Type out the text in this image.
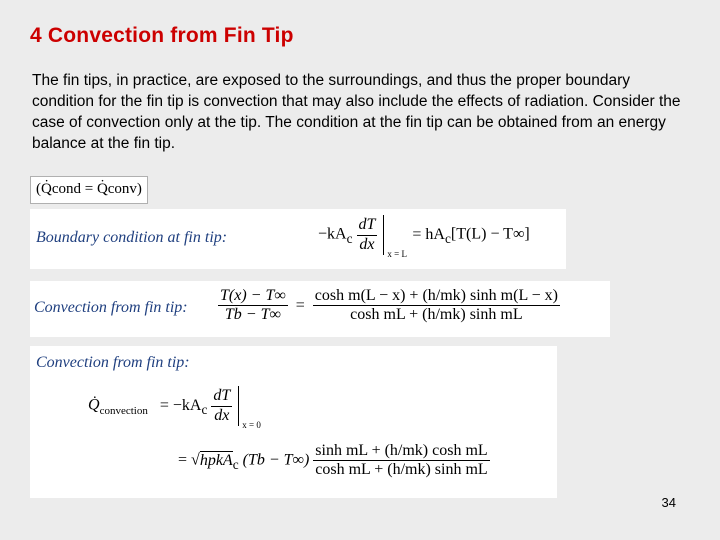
4 Convection from Fin Tip

The fin tips, in practice, are exposed to the surroundings, and thus the proper boundary condition for the fin tip is convection that may also include the effects of radiation. Consider the case of convection only at the tip. The condition at the fin tip can be obtained from an energy balance at the fin tip.

(Q̇cond = Q̇conv)
Boundary condition at fin tip:	$-kA_c \frac{dT}{dx}$

x = L
= $hA_c[T(L) - T\infty]$
Convection from fin tip: $\frac{T(x) - T\infty}{Tb - T\infty} = \frac{\text{cosh m(L − x) + (h/mk) sinh m(L − x)}}{\text{cosh mL + (h/mk) sinh mL}}$
Convection from fin tip:
$Q̇_{convection} = -kA_c \frac{dT}{dx}$

x = 0
= √hpkA$_c$ $(Tb - T\infty) \frac{\text{sinh mL + (h/mk) cosh mL}}{\text{cosh mL + (h/mk) sinh mL}}$
34
